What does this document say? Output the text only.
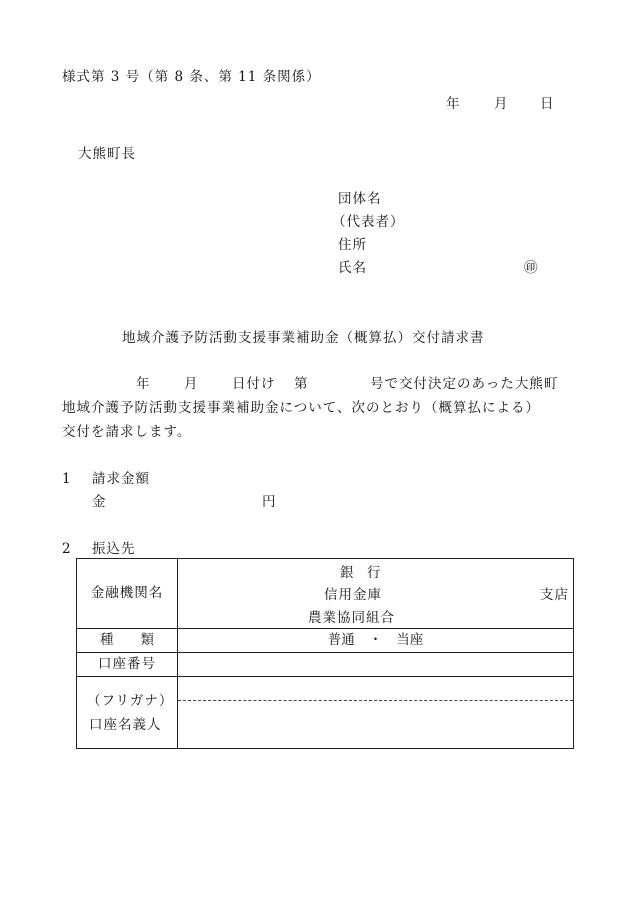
様式第 3 号（第 8 条、第 11 条関係）
年	月 日
大熊町長
団体名
（代表者）
住所
氏名	㊞
地域介護予防活動支援事業補助金（概算払）交付請求書
年	月	日付け 第	号で交付決定のあった大熊町
地域介護予防活動支援事業補助金について、次のとおり（概算払による）
交付を請求します。
1 請求金額
金	円
2 振込先
金融機関名	銀　行
信用金庫
農業協同組合
支店

種　　類	普通 ・ 当座
口座番号	

（フリガナ）
口座名義人	
